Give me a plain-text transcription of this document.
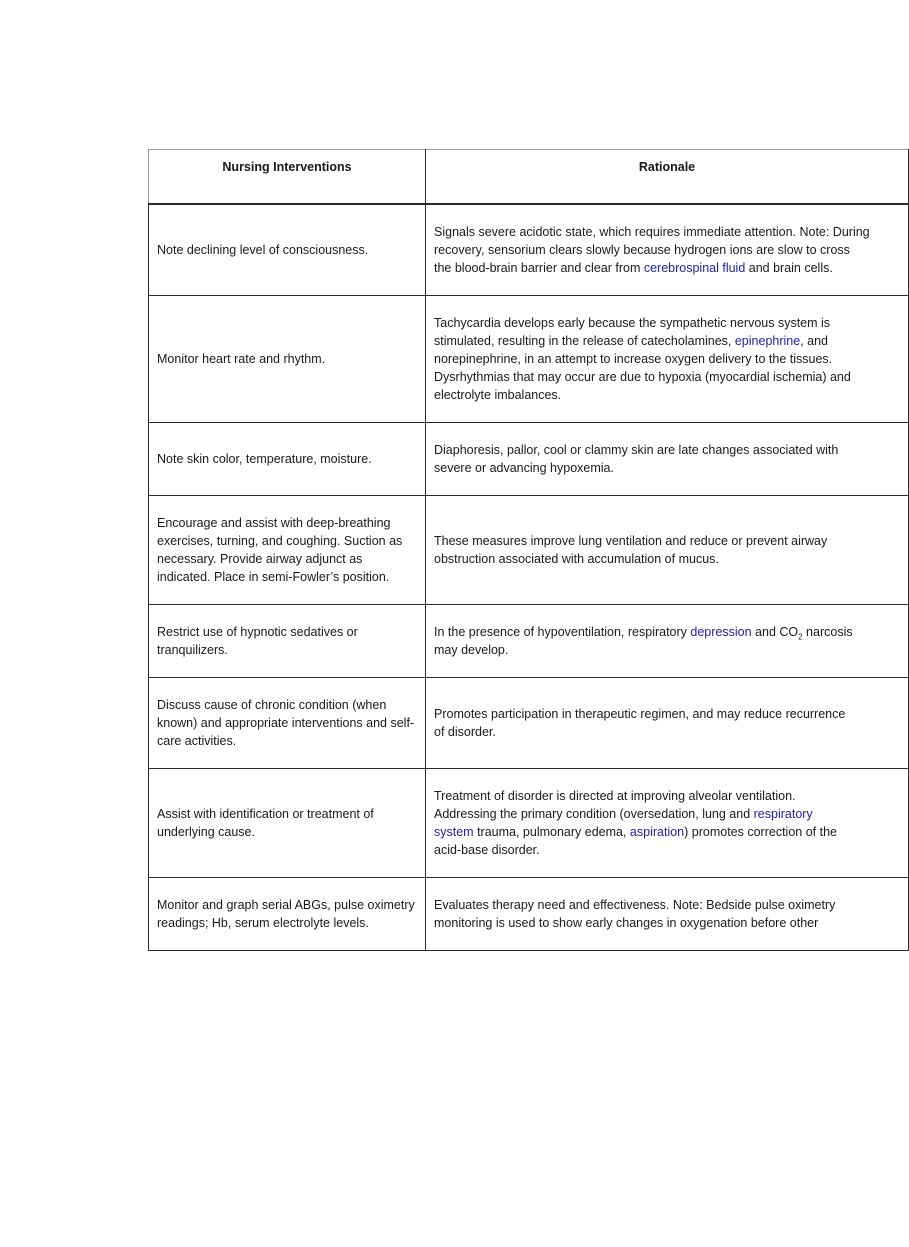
Nursing Interventions	Rationale
Note declining level of consciousness.	Signals severe acidotic state, which requires immediate attention. Note: During
recovery, sensorium clears slowly because hydrogen ions are slow to cross
the blood-brain barrier and clear from cerebrospinal fluid and brain cells.

Monitor heart rate and rhythm.	Tachycardia develops early because the sympathetic nervous system is
stimulated, resulting in the release of catecholamines, epinephrine, and
norepinephrine, in an attempt to increase oxygen delivery to the tissues.
Dysrhythmias that may occur are due to hypoxia (myocardial ischemia) and
electrolyte imbalances.

Note skin color, temperature, moisture.	Diaphoresis, pallor, cool or clammy skin are late changes associated with
severe or advancing hypoxemia.

Encourage and assist with deep-breathing exercises, turning, and coughing. Suction as necessary. Provide airway adjunct as indicated. Place in semi-Fowler’s position.	These measures improve lung ventilation and reduce or prevent airway
obstruction associated with accumulation of mucus.

Restrict use of hypnotic sedatives or tranquilizers.	In the presence of hypoventilation, respiratory depression and $CO_2$ narcosis
may develop.

Discuss cause of chronic condition (when known) and appropriate interventions and self-care activities.	Promotes participation in therapeutic regimen, and may reduce recurrence
of disorder.

Assist with identification or treatment of underlying cause.	Treatment of disorder is directed at improving alveolar ventilation.
Addressing the primary condition (oversedation, lung and respiratory
system trauma, pulmonary edema, aspiration) promotes correction of the
acid-base disorder.

Monitor and graph serial ABGs, pulse oximetry readings; Hb, serum electrolyte levels.	Evaluates therapy need and effectiveness. Note: Bedside pulse oximetry
monitoring is used to show early changes in oxygenation before other
